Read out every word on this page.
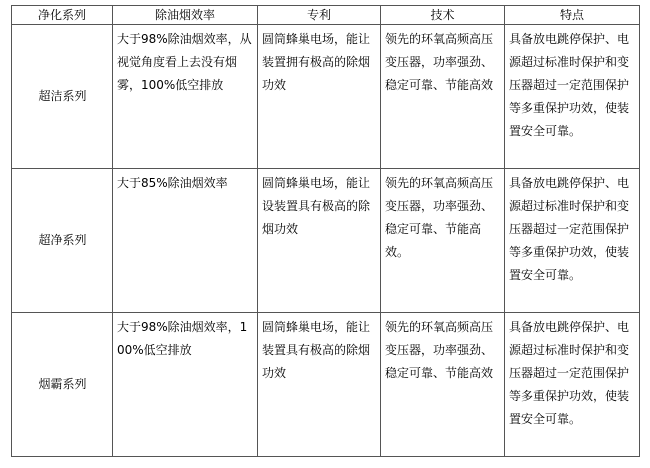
净化系列	除油烟效率	专利	技术	特点
超洁系列	大于98%除油烟效率，从视觉角度看上去没有烟雾，100%低空排放	圆筒蜂巢电场，能让装置拥有极高的除烟功效	领先的环氧高频高压变压器，功率强劲、稳定可靠、节能高效	具备放电跳停保护、电源超过标准时保护和变压器超过一定范围保护等多重保护功效，使装置安全可靠。
超净系列	大于85%除油烟效率	圆筒蜂巢电场，能让设装置具有极高的除烟功效	领先的环氧高频高压变压器，功率强劲、稳定可靠、节能高效。	具备放电跳停保护、电源超过标准时保护和变压器超过一定范围保护等多重保护功效，使装置安全可靠。
烟霸系列	大于98%除油烟效率，100%低空排放	圆筒蜂巢电场，能让装置具有极高的除烟功效	领先的环氧高频高压变压器，功率强劲、稳定可靠、节能高效	具备放电跳停保护、电源超过标准时保护和变压器超过一定范围保护等多重保护功效，使装置安全可靠。
